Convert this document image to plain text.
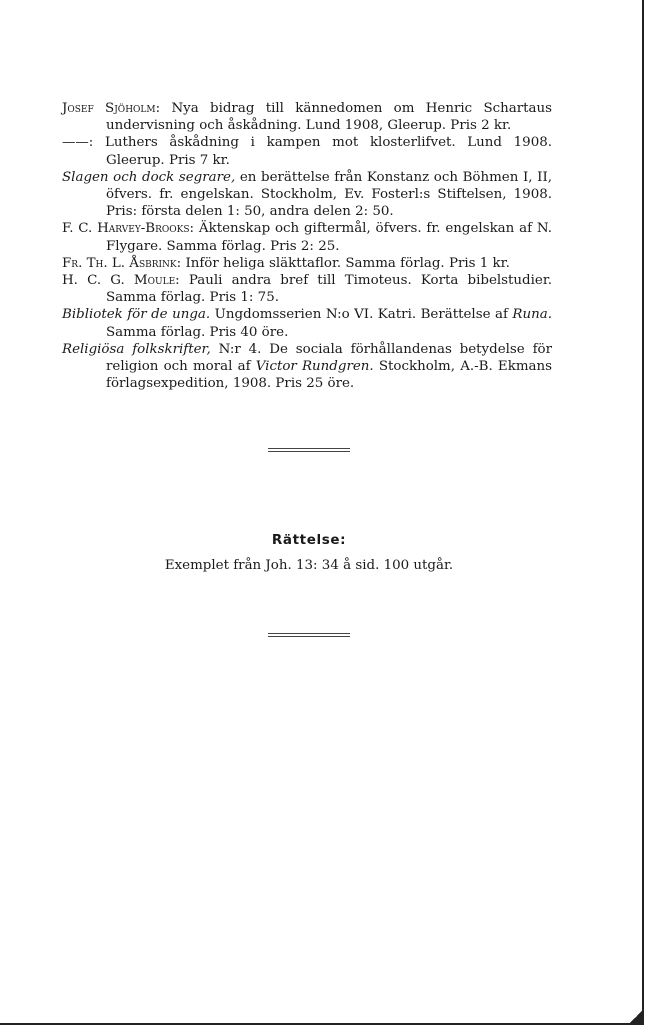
Josef Sjöholm: Nya bidrag till kännedomen om Henric Schartaus undervisning och åskådning. Lund 1908, Gleerup. Pris 2 kr.

——: Luthers åskådning i kampen mot klosterlifvet. Lund 1908. Gleerup. Pris 7 kr.

Slagen och dock segrare, en berättelse från Konstanz och Böhmen I, II, öfvers. fr. engelskan. Stockholm, Ev. Fosterl:s Stiftelsen, 1908. Pris: första delen 1: 50, andra delen 2: 50.

F. C. Harvey-Brooks: Äktenskap och giftermål, öfvers. fr. engelskan af N. Flygare. Samma förlag. Pris 2: 25.

Fr. Th. L. Åsbrink: Inför heliga släkttaflor. Samma förlag. Pris 1 kr.

H. C. G. Moule: Pauli andra bref till Timoteus. Korta bibelstudier. Samma förlag. Pris 1: 75.

Bibliotek för de unga. Ungdomsserien N:o VI. Katri. Berättelse af Runa. Samma förlag. Pris 40 öre.

Religiösa folkskrifter, N:r 4. De sociala förhållandenas betydelse för religion och moral af Victor Rundgren. Stockholm, A.-B. Ekmans förlagsexpedition, 1908. Pris 25 öre.

Rättelse:
Exemplet från Joh. 13: 34 å sid. 100 utgår.
